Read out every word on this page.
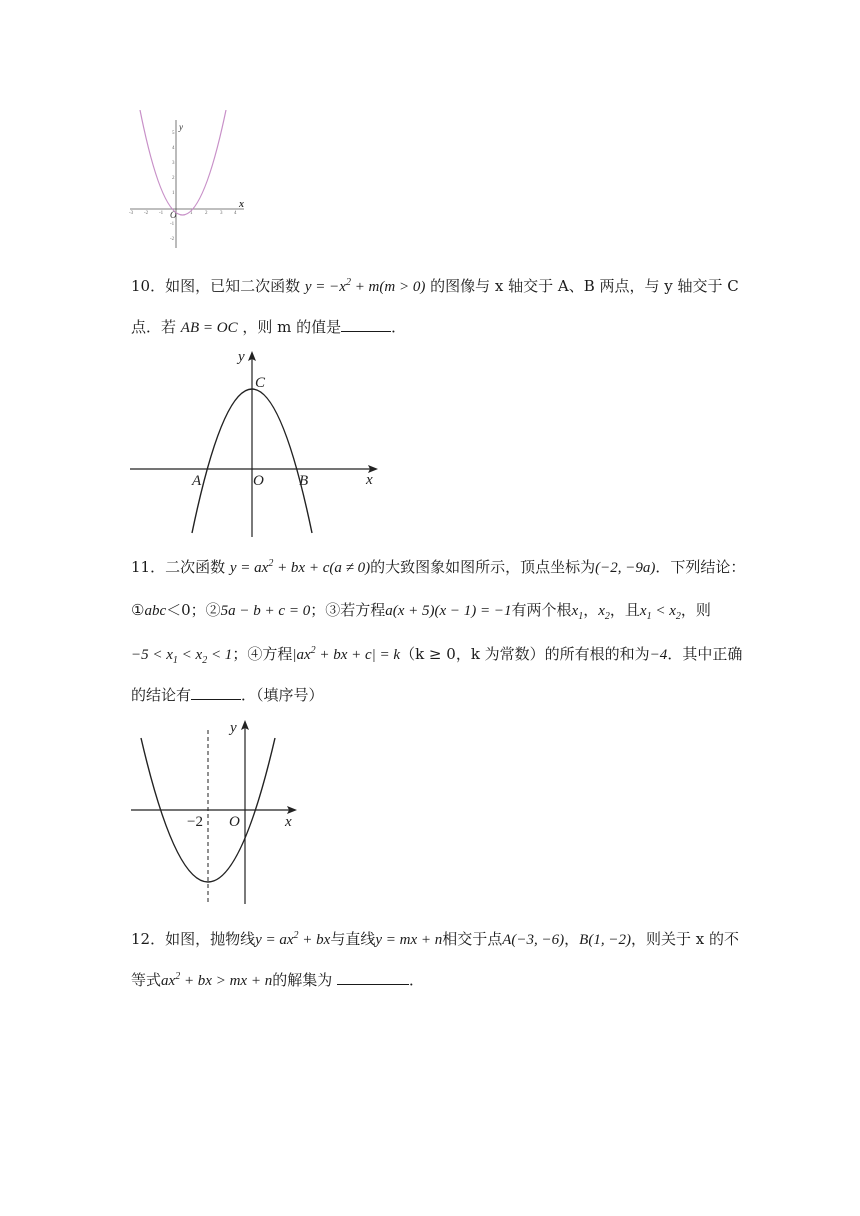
y
x
O
5
4
3
2
1
-1
-2
-3 -2 -1	1	2	3 4
10．如图，已知二次函数 $y = -x^2 + m(m > 0)$ 的图像与 x 轴交于 A、B 两点，与 y 轴交于 C
点．若 AB = OC ，则 m 的值是	．
y
x
C
A	O B
11．二次函数 $y = ax^2$ + bx + c(a ≠ 0)的大致图象如图所示，顶点坐标为(−2, −9a)．下列结论：
①abc＜0；②5a − b + c = 0；③若方程a(x + 5)(x − 1) = −1有两个根$x_1$，$x_2$，且$x_1 < x_2$，则
$-5 < x_1 < x_2 < 1$；④方程$|ax^2$ + bx + c| = k（k ≥ 0，k 为常数）的所有根的和为−4．其中正确
的结论有	．（填序号）
y
x
O
−2
12．如图，抛物线$y = ax^2$ + bx与直线y = mx + n相交于点A(−3, −6)，B(1, −2)，则关于 x 的不
等式$ax^2$ + bx > mx + n的解集为	．
